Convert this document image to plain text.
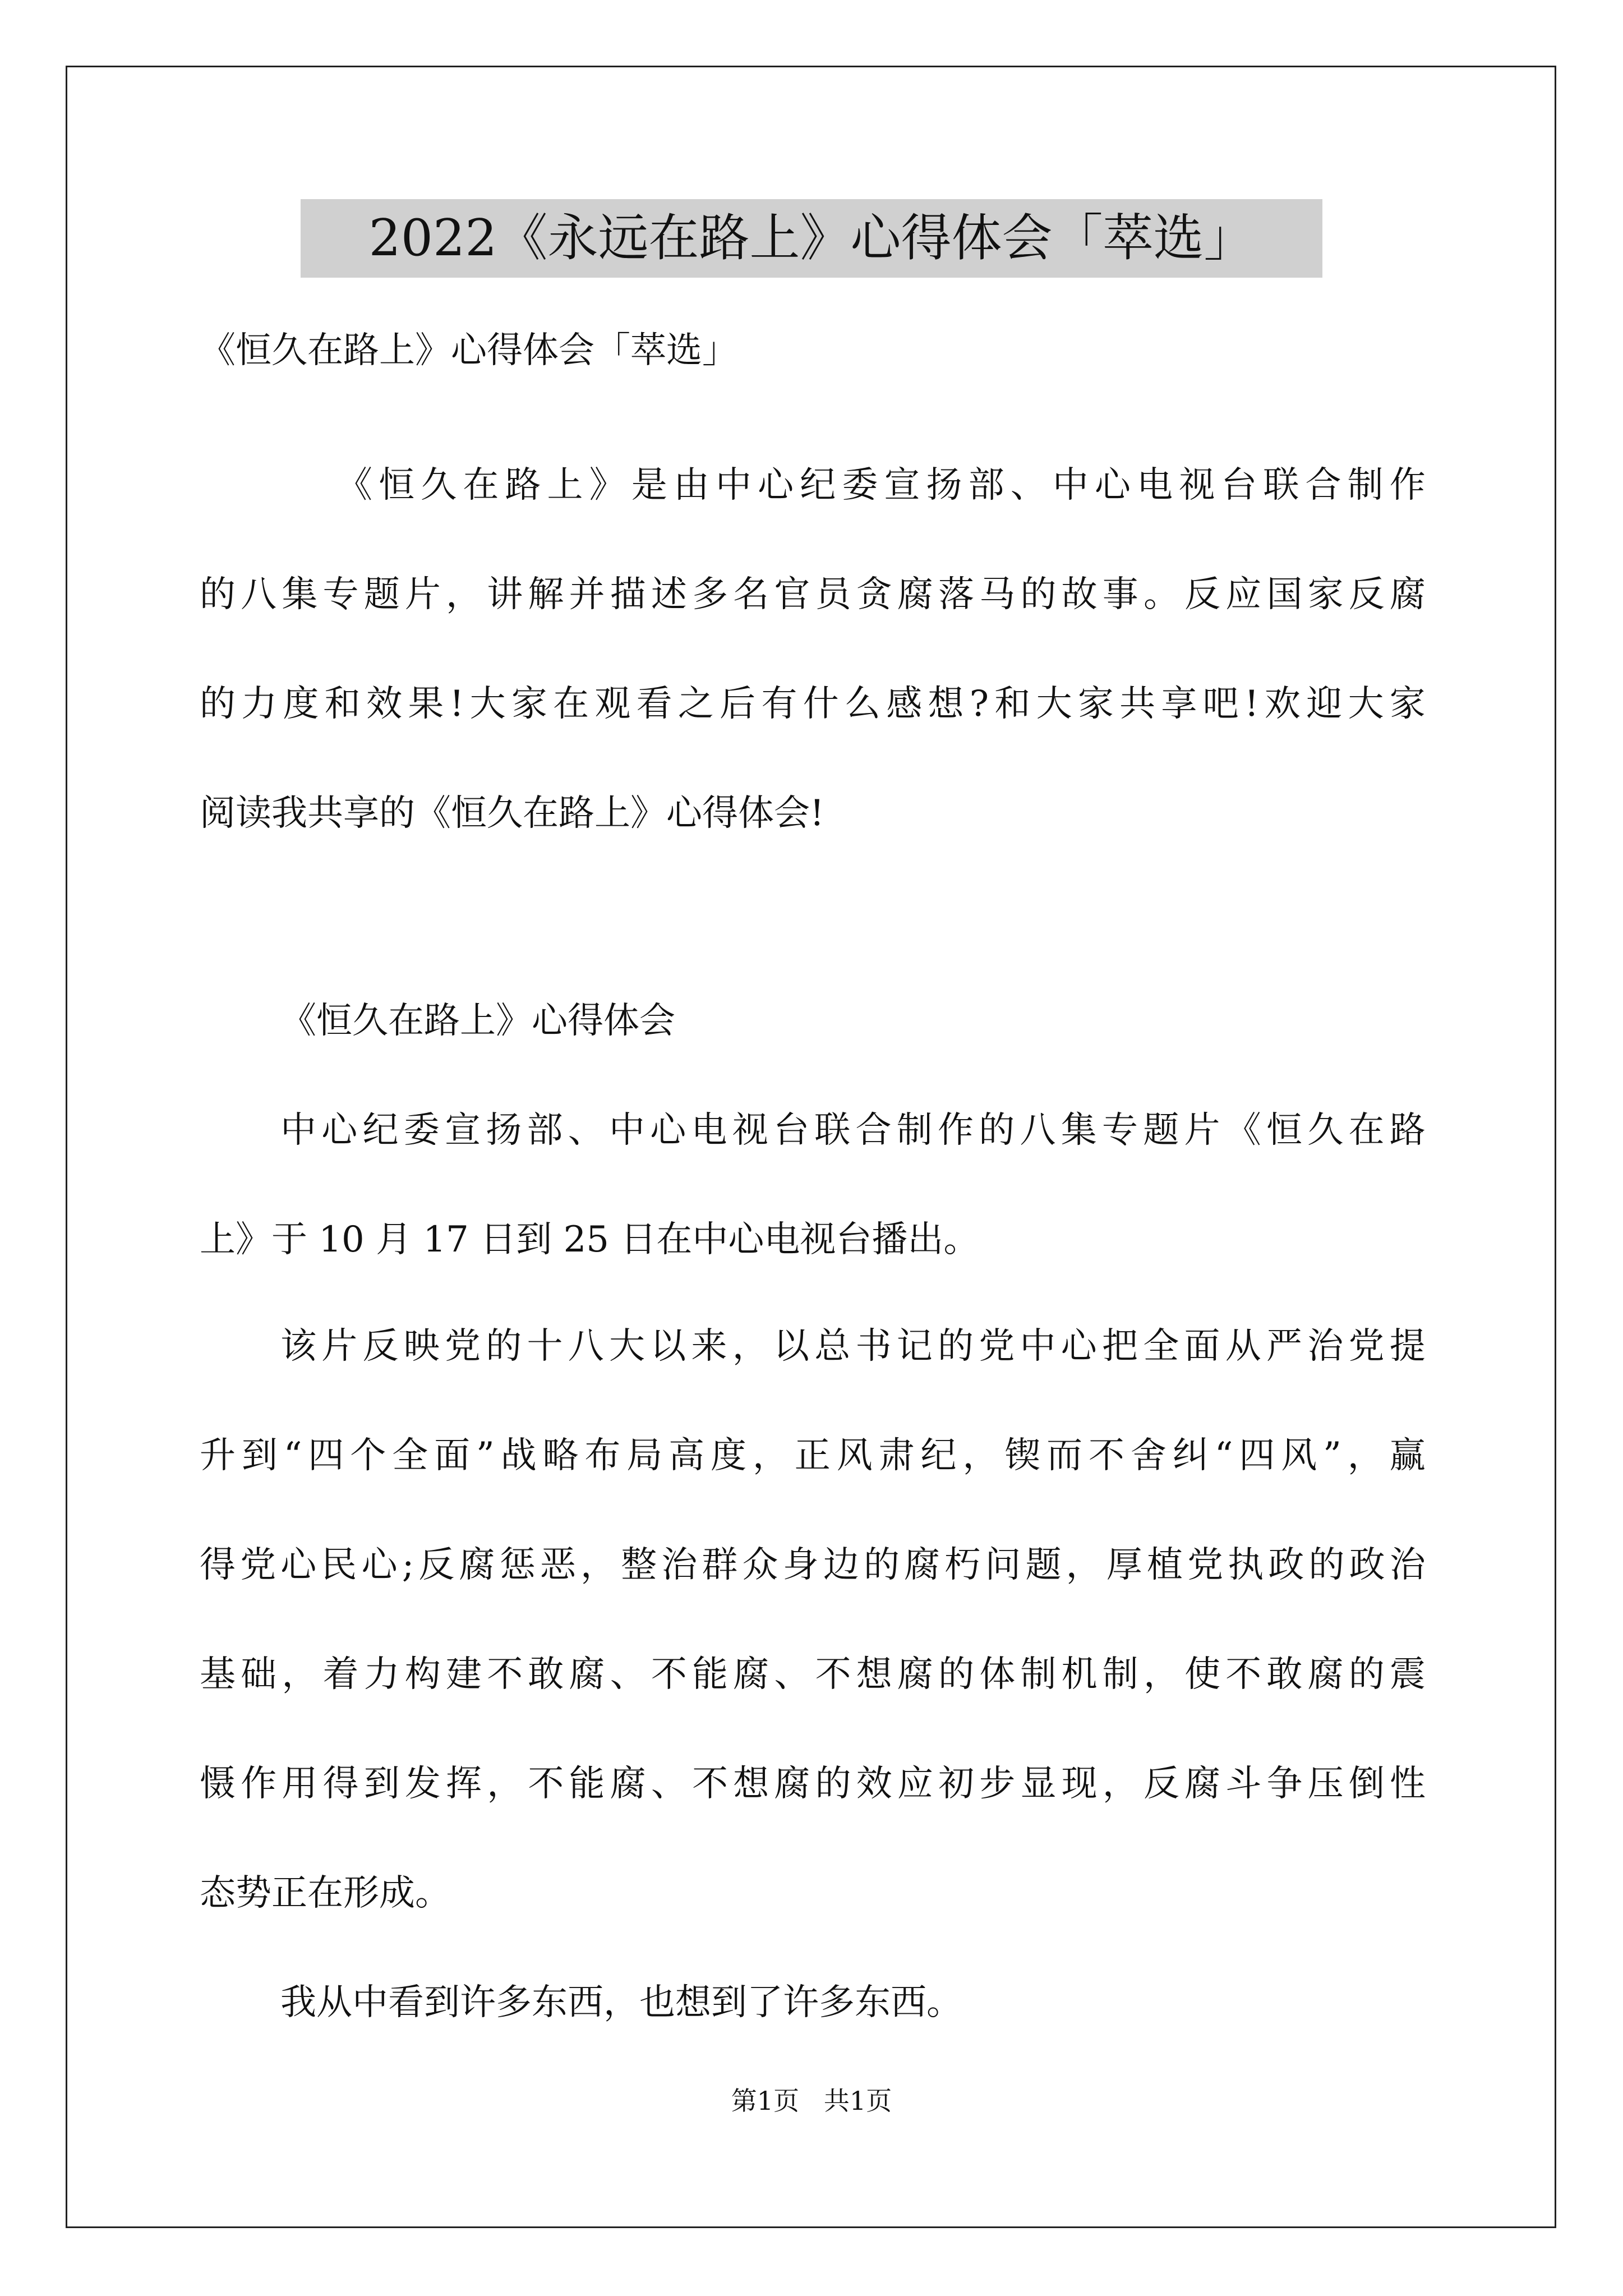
2022《永远在路上》心得体会「萃选」
《恒久在路上》心得体会「萃选」
《 恒 久 在 路 上 》 是 由 中 心 纪 委 宣 扬 部 、 中 心 电 视 台 联 合 制 作
的 八 集 专 题 片 ， 讲 解 并 描 述 多 名 官 员 贪 腐 落 马 的 故 事 。 反 应 国 家 反 腐
的 力 度 和 效 果 ! 大 家 在 观 看 之 后 有 什 么 感 想 ? 和 大 家 共 享 吧 ! 欢 迎 大 家
阅读我共享的《恒久在路上》心得体会!
《恒久在路上》心得体会
中 心 纪 委 宣 扬 部 、 中 心 电 视 台 联 合 制 作 的 八 集 专 题 片 《 恒 久 在 路
上》于 10 月 17 日到 25 日在中心电视台播出。
该 片 反 映 党 的 十 八 大 以 来 ， 以 总 书 记 的 党 中 心 把 全 面 从 严 治 党 提
升 到 “ 四 个 全 面 ” 战 略 布 局 高 度 ， 正 风 肃 纪 ， 锲 而 不 舍 纠 “ 四 风 ” ， 赢
得 党 心 民 心 ; 反 腐 惩 恶 ， 整 治 群 众 身 边 的 腐 朽 问 题 ， 厚 植 党 执 政 的 政 治
基 础 ， 着 力 构 建 不 敢 腐 、 不 能 腐 、 不 想 腐 的 体 制 机 制 ， 使 不 敢 腐 的 震
慑 作 用 得 到 发 挥 ， 不 能 腐 、 不 想 腐 的 效 应 初 步 显 现 ， 反 腐 斗 争 压 倒 性
态势正在形成。
我从中看到许多东西，也想到了许多东西。
第1页   共1页
